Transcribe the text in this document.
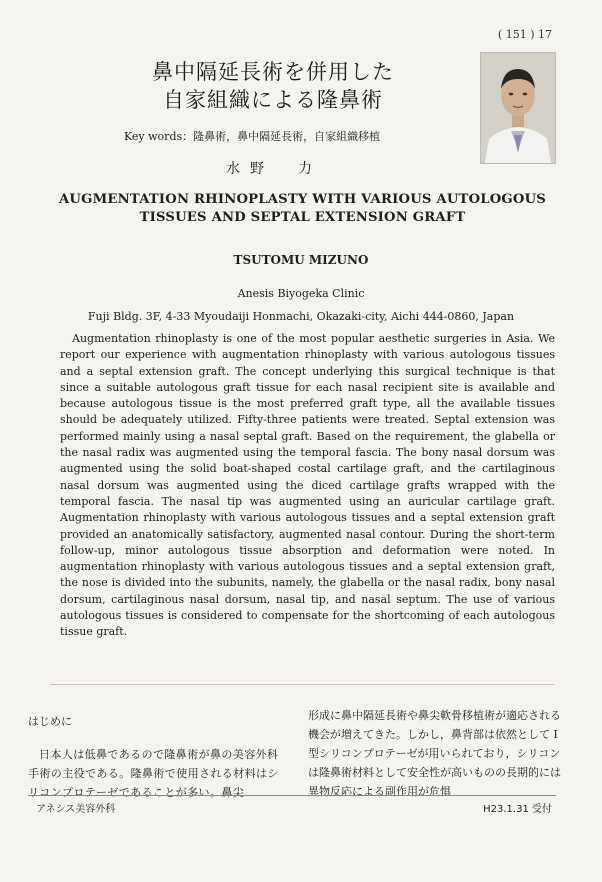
( 151 ) 17
鼻中隔延長術を併用した
自家組織による隆鼻術
Key words：隆鼻術，鼻中隔延長術，自家組織移植
水野　力
AUGMENTATION RHINOPLASTY WITH VARIOUS AUTOLOGOUS
TISSUES AND SEPTAL EXTENSION GRAFT
TSUTOMU MIZUNO
Anesis Biyogeka Clinic
Fuji Bldg. 3F, 4-33 Myoudaiji Honmachi, Okazaki-city, Aichi 444-0860, Japan

Augmentation rhinoplasty is one of the most popular aesthetic surgeries in Asia. We report our experience with augmentation rhinoplasty with various autologous tissues and a septal extension graft. The concept underlying this surgical technique is that since a suitable autologous graft tissue for each nasal recipient site is available and because autologous tissue is the most preferred graft type, all the available tissues should be adequately utilized. Fifty-three patients were treated. Septal extension was performed mainly using a nasal septal graft. Based on the requirement, the glabella or the nasal radix was augmented using the temporal fascia. The bony nasal dorsum was augmented using the solid boat-shaped costal cartilage graft, and the cartilaginous nasal dorsum was augmented using the diced cartilage grafts wrapped with the temporal fascia. The nasal tip was augmented using an auricular cartilage graft. Augmentation rhinoplasty with various autologous tissues and a septal extension graft provided an anatomically satisfactory, augmented nasal contour. During the short-term follow-up, minor autologous tissue absorption and deformation were noted. In augmentation rhinoplasty with various autologous tissues and a septal extension graft, the nose is divided into the subunits, namely, the glabella or the nasal radix, bony nasal dorsum, cartilaginous nasal dorsum, nasal tip, and nasal septum. The use of various autologous tissues is considered to compensate for the shortcoming of each autologous tissue graft.

はじめに
日本人は低鼻であるので隆鼻術が鼻の美容外科手術の主役である。隆鼻術で使用される材料はシリコンプロテーゼであることが多い。鼻尖
形成に鼻中隔延長術や鼻尖軟骨移植術が適応される機会が増えてきた。しかし，鼻背部は依然として I 型シリコンプロテーゼが用いられており，シリコンは隆鼻術材料として安全性が高いものの長期的には異物反応による副作用が危惧
アネシス美容外科	H23.1.31 受付
